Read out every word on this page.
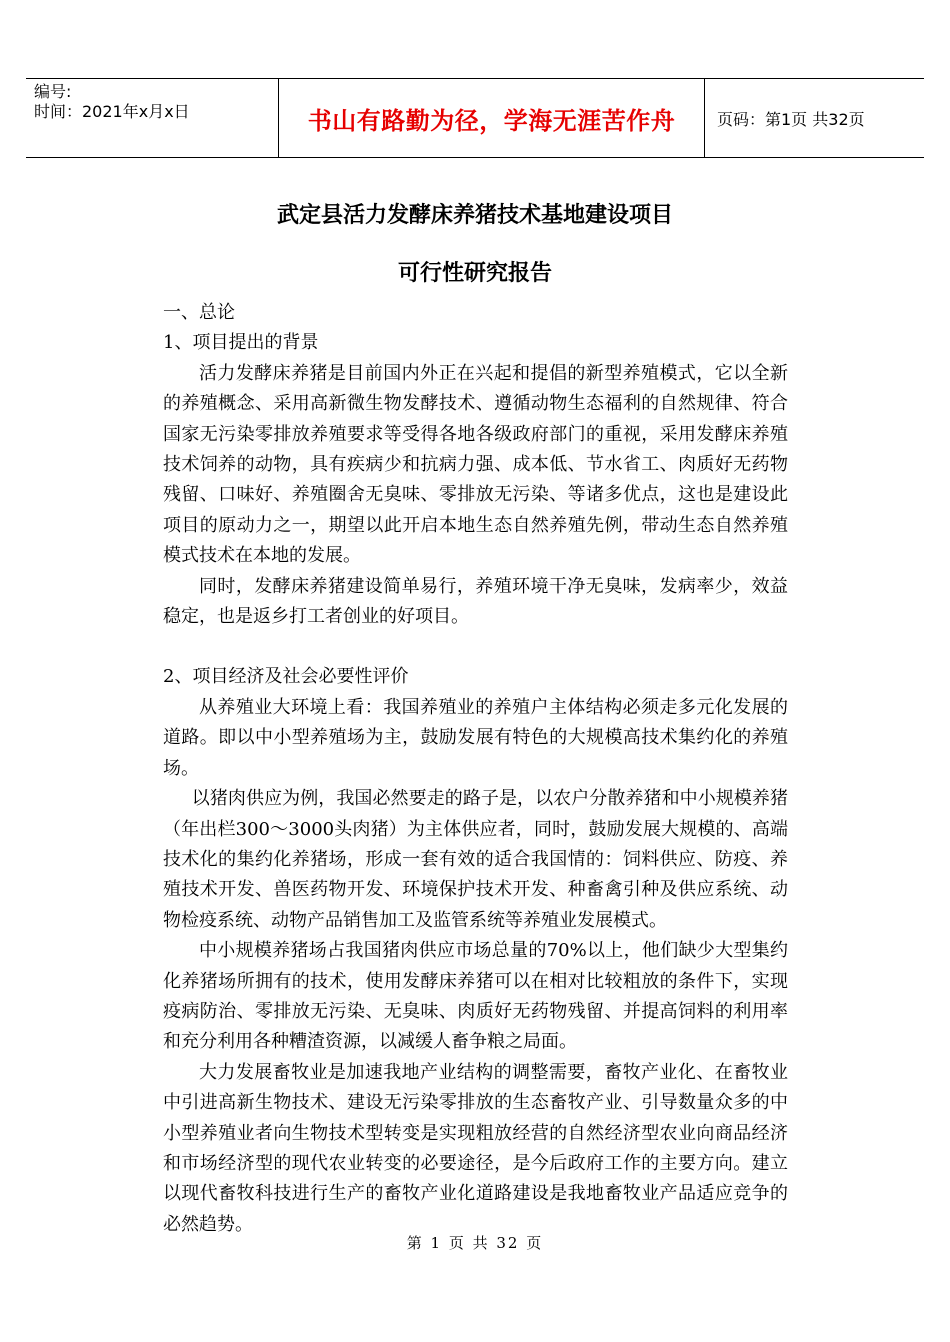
编号:
时间：2021年x月x日	书山有路勤为径，学海无涯苦作舟	页码：第1页 共32页
武定县活力发酵床养猪技术基地建设项目
可行性研究报告

一、总论

1、项目提出的背景

活力发酵床养猪是目前国内外正在兴起和提倡的新型养殖模式，它以全新的养殖概念、采用高新微生物发酵技术、遵循动物生态福利的自然规律、符合国家无污染零排放养殖要求等受得各地各级政府部门的重视，采用发酵床养殖技术饲养的动物，具有疾病少和抗病力强、成本低、节水省工、肉质好无药物残留、口味好、养殖圈舍无臭味、零排放无污染、等诸多优点，这也是建设此项目的原动力之一，期望以此开启本地生态自然养殖先例，带动生态自然养殖模式技术在本地的发展。

同时，发酵床养猪建设简单易行，养殖环境干净无臭味，发病率少，效益稳定，也是返乡打工者创业的好项目。

2、项目经济及社会必要性评价

从养殖业大环境上看：我国养殖业的养殖户主体结构必须走多元化发展的道路。即以中小型养殖场为主，鼓励发展有特色的大规模高技术集约化的养殖场。

以猪肉供应为例，我国必然要走的路子是，以农户分散养猪和中小规模养猪（年出栏300～3000头肉猪）为主体供应者，同时，鼓励发展大规模的、高端技术化的集约化养猪场，形成一套有效的适合我国情的：饲料供应、防疫、养殖技术开发、兽医药物开发、环境保护技术开发、种畜禽引种及供应系统、动物检疫系统、动物产品销售加工及监管系统等养殖业发展模式。

中小规模养猪场占我国猪肉供应市场总量的70%以上，他们缺少大型集约化养猪场所拥有的技术，使用发酵床养猪可以在相对比较粗放的条件下，实现疫病防治、零排放无污染、无臭味、肉质好无药物残留、并提高饲料的利用率和充分利用各种糟渣资源，以减缓人畜争粮之局面。

大力发展畜牧业是加速我地产业结构的调整需要，畜牧产业化、在畜牧业中引进高新生物技术、建设无污染零排放的生态畜牧产业、引导数量众多的中小型养殖业者向生物技术型转变是实现粗放经营的自然经济型农业向商品经济和市场经济型的现代农业转变的必要途径，是今后政府工作的主要方向。建立以现代畜牧科技进行生产的畜牧产业化道路建设是我地畜牧业产品适应竞争的必然趋势。

第 1 页 共 32 页
